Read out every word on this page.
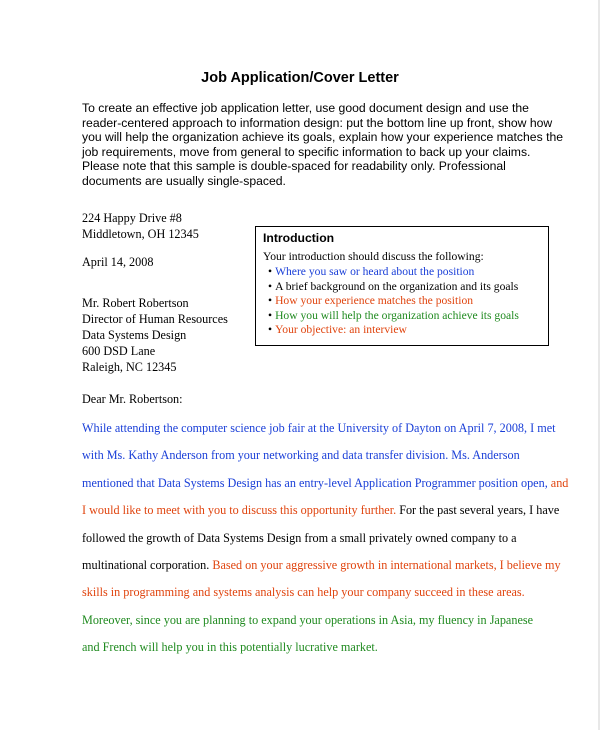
Job Application/Cover Letter
To create an effective job application letter, use good document design and use the
reader-centered approach to information design: put the bottom line up front, show how
you will help the organization achieve its goals, explain how your experience matches the
job requirements, move from general to specific information to back up your claims.
Please note that this sample is double-spaced for readability only. Professional
documents are usually single-spaced.
224 Happy Drive #8
Middletown, OH 12345
April 14, 2008
Mr. Robert Robertson
Director of Human Resources
Data Systems Design
600 DSD Lane
Raleigh, NC 12345
Introduction
Your introduction should discuss the following:
• Where you saw or heard about the position
• A brief background on the organization and its goals
• How your experience matches the position
• How you will help the organization achieve its goals
• Your objective: an interview
Dear Mr. Robertson:
While attending the computer science job fair at the University of Dayton on April 7, 2008, I met
with Ms. Kathy Anderson from your networking and data transfer division. Ms. Anderson
mentioned that Data Systems Design has an entry-level Application Programmer position open, and
I would like to meet with you to discuss this opportunity further. For the past several years, I have
followed the growth of Data Systems Design from a small privately owned company to a
multinational corporation. Based on your aggressive growth in international markets, I believe my
skills in programming and systems analysis can help your company succeed in these areas.
Moreover, since you are planning to expand your operations in Asia, my fluency in Japanese
and French will help you in this potentially lucrative market.
